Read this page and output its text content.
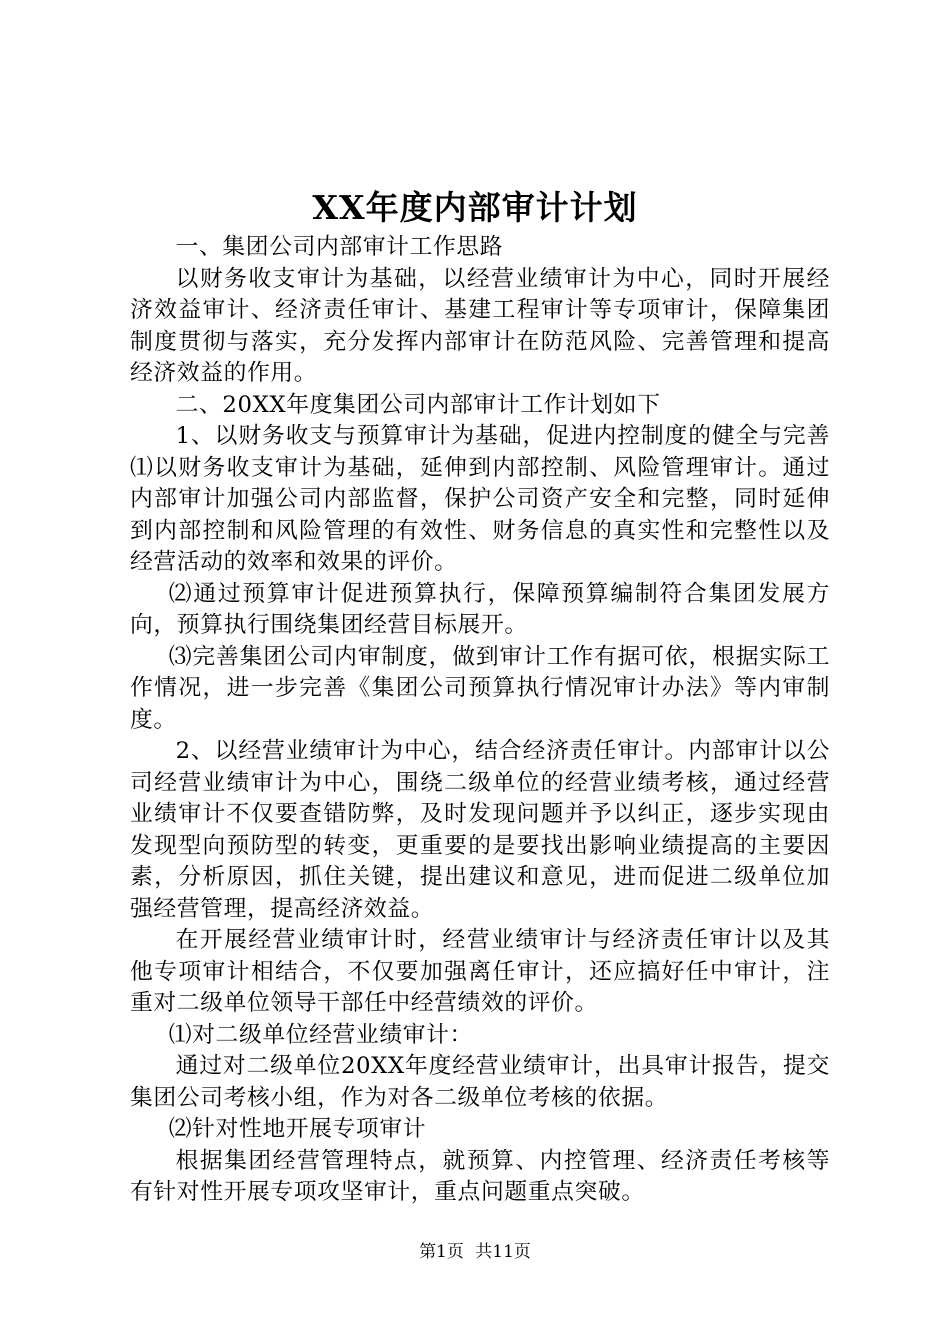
XX年度内部审计计划

一、集团公司内部审计工作思路

以财务收支审计为基础，以经营业绩审计为中心，同时开展经济效益审计、经济责任审计、基建工程审计等专项审计，保障集团制度贯彻与落实，充分发挥内部审计在防范风险、完善管理和提高经济效益的作用。

二、20XX年度集团公司内部审计工作计划如下

1、以财务收支与预算审计为基础，促进内控制度的健全与完善⑴以财务收支审计为基础，延伸到内部控制、风险管理审计。通过内部审计加强公司内部监督，保护公司资产安全和完整，同时延伸到内部控制和风险管理的有效性、财务信息的真实性和完整性以及经营活动的效率和效果的评价。

⑵通过预算审计促进预算执行，保障预算编制符合集团发展方向，预算执行围绕集团经营目标展开。

⑶完善集团公司内审制度，做到审计工作有据可依，根据实际工作情况，进一步完善《集团公司预算执行情况审计办法》等内审制度。

2、以经营业绩审计为中心，结合经济责任审计。内部审计以公司经营业绩审计为中心，围绕二级单位的经营业绩考核，通过经营业绩审计不仅要查错防弊，及时发现问题并予以纠正，逐步实现由发现型向预防型的转变，更重要的是要找出影响业绩提高的主要因素，分析原因，抓住关键，提出建议和意见，进而促进二级单位加强经营管理，提高经济效益。

在开展经营业绩审计时，经营业绩审计与经济责任审计以及其他专项审计相结合，不仅要加强离任审计，还应搞好任中审计，注重对二级单位领导干部任中经营绩效的评价。

⑴对二级单位经营业绩审计：

通过对二级单位20XX年度经营业绩审计，出具审计报告，提交集团公司考核小组，作为对各二级单位考核的依据。

⑵针对性地开展专项审计

根据集团经营管理特点，就预算、内控管理、经济责任考核等有针对性开展专项攻坚审计，重点问题重点突破。

第1页 共11页
